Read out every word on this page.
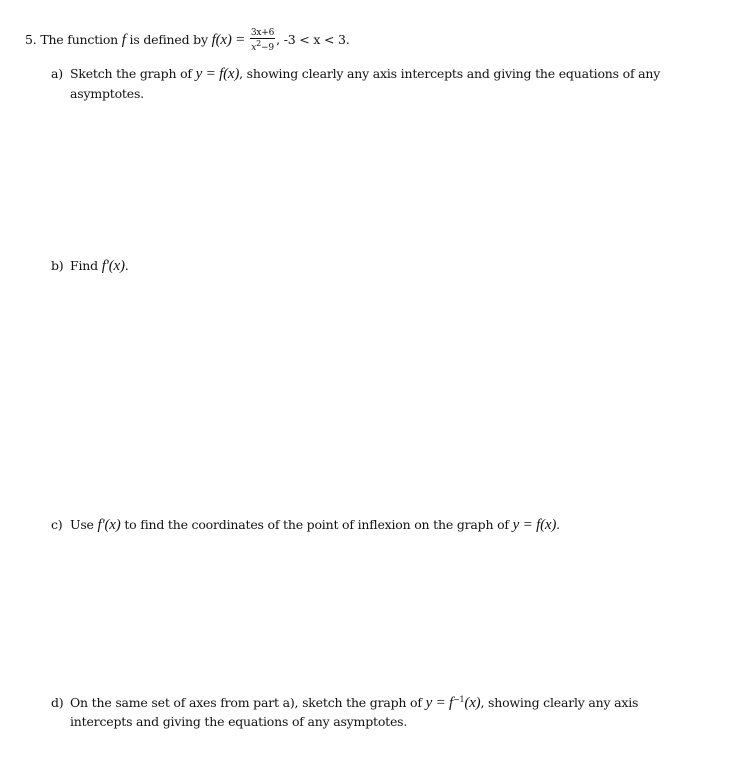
5. The function f is defined by $f(x) = \frac{3x+6}{x^2-9}$ , -3 < x < 3.
a) Sketch the graph of y = f(x), showing clearly any axis intercepts and giving the equations of any
asymptotes.
b) Find f'(x).
c) Use f'(x) to find the coordinates of the point of inflexion on the graph of y = f(x).
d) On the same set of axes from part a), sketch the graph of $y = f^{-1}(x)$, showing clearly any axis
intercepts and giving the equations of any asymptotes.
